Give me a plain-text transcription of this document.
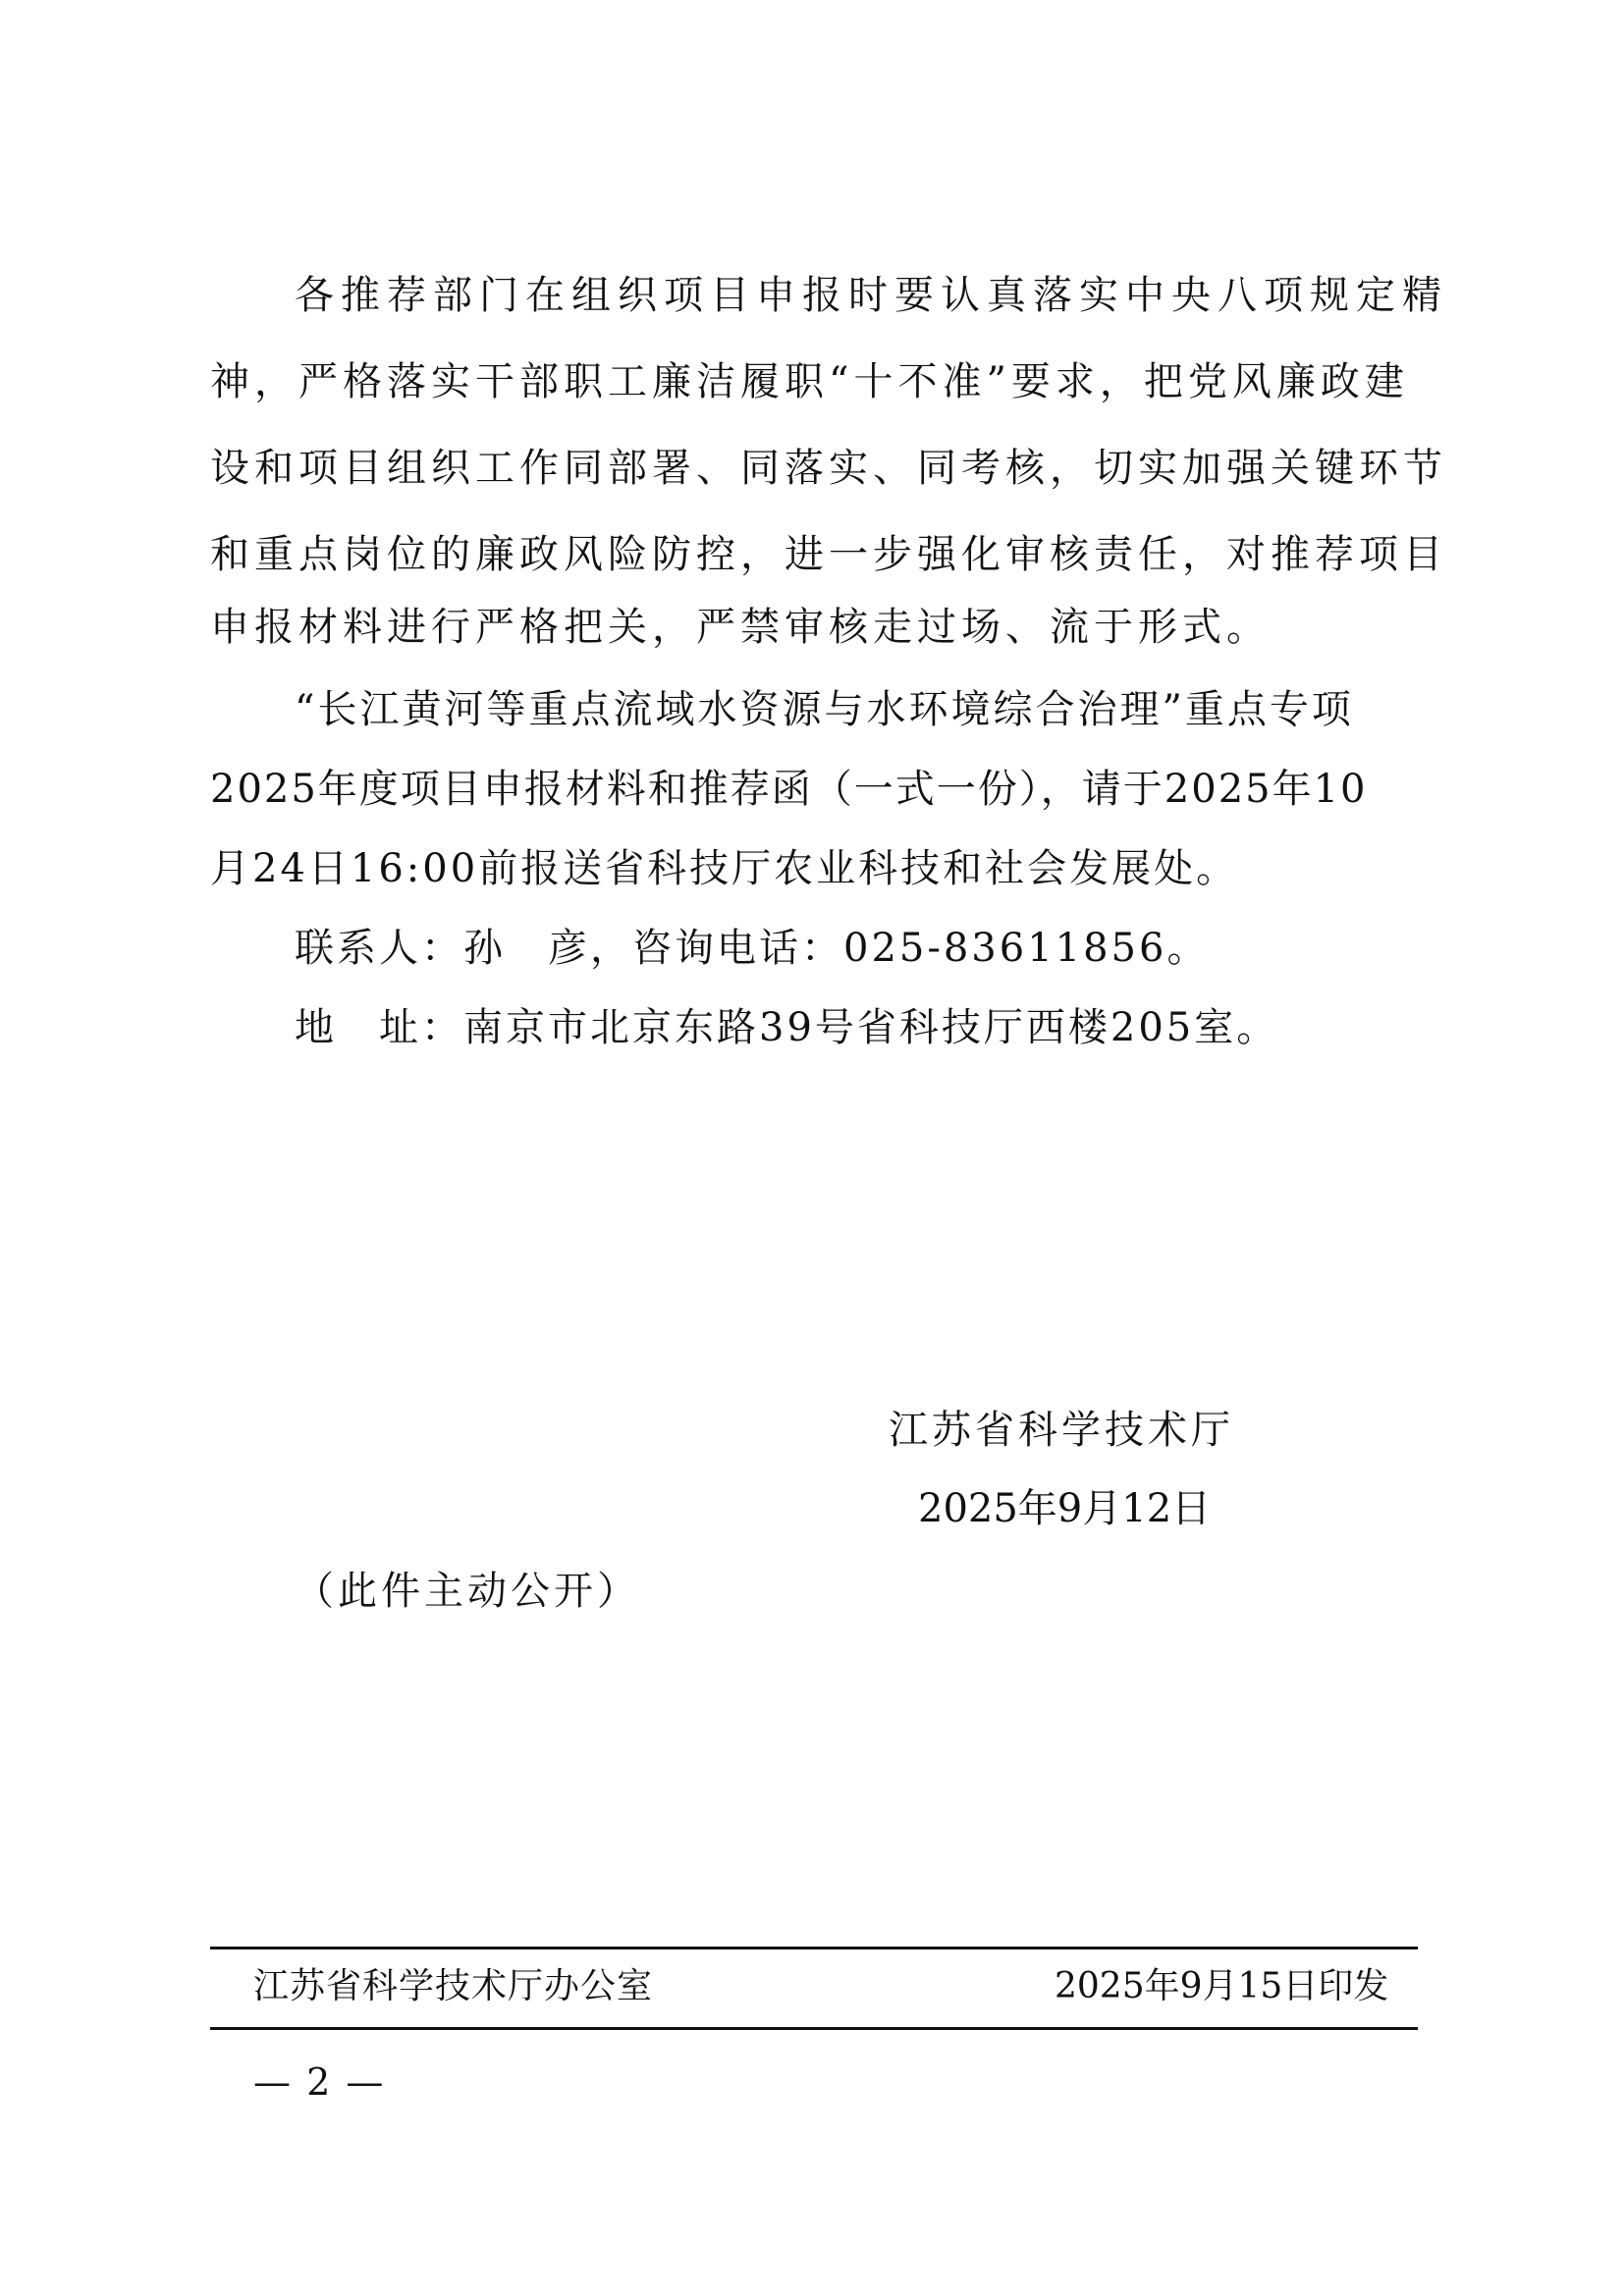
各推荐部门在组织项目申报时要认真落实中央八项规定精
神，严格落实干部职工廉洁履职“十不准”要求，把党风廉政建
设和项目组织工作同部署、同落实、同考核，切实加强关键环节
和重点岗位的廉政风险防控，进一步强化审核责任，对推荐项目
申报材料进行严格把关，严禁审核走过场、流于形式。
“长江黄河等重点流域水资源与水环境综合治理”重点专项
2025年度项目申报材料和推荐函（一式一份），请于2025年10
月24日16:00前报送省科技厅农业科技和社会发展处。
联系人：孙　彦，咨询电话：025-83611856。
地　址：南京市北京东路39号省科技厅西楼205室。
江苏省科学技术厅
2025年9月12日
（此件主动公开）
江苏省科学技术厅办公室	2025年9月15日印发
— 2 —
